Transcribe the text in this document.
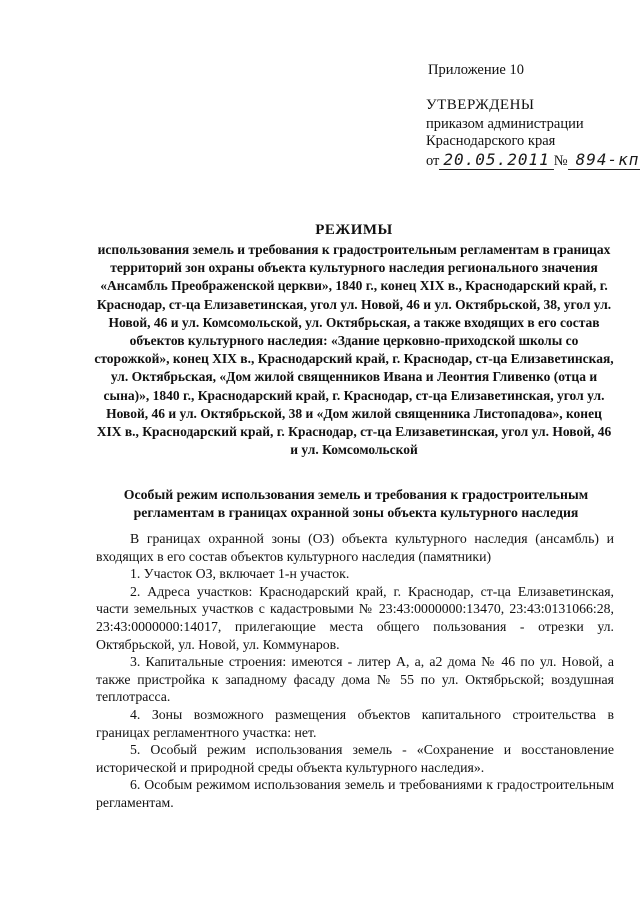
Приложение 10
УТВЕРЖДЕНЫ
приказом администрации
Краснодарского края
от 20.05.2011 № 894-кп
РЕЖИМЫ
использования земель и требования к градостроительным регламентам в границах территорий зон охраны объекта культурного наследия регионального значения «Ансамбль Преображенской церкви», 1840 г., конец XIX в., Краснодарский край, г. Краснодар, ст-ца Елизаветинская, угол ул. Новой, 46 и ул. Октябрьской, 38, угол ул. Новой, 46 и ул. Комсомольской, ул. Октябрьская, а также входящих в его состав объектов культурного наследия: «Здание церковно-приходской школы со сторожкой», конец XIX в., Краснодарский край, г. Краснодар, ст-ца Елизаветинская, ул. Октябрьская, «Дом жилой священников Ивана и Леонтия Гливенко (отца и сына)», 1840 г., Краснодарский край, г. Краснодар, ст-ца Елизаветинская, угол ул. Новой, 46 и ул. Октябрьской, 38 и «Дом жилой священника Листопадова», конец XIX в., Краснодарский край, г. Краснодар, ст-ца Елизаветинская, угол ул. Новой, 46 и ул. Комсомольской
Особый режим использования земель и требования к градостроительным регламентам в границах охранной зоны объекта культурного наследия

В границах охранной зоны (ОЗ) объекта культурного наследия (ансамбль) и входящих в его состав объектов культурного наследия (памятники)

1. Участок ОЗ, включает 1-н участок.

2. Адреса участков: Краснодарский край, г. Краснодар, ст-ца Елизаветинская, части земельных участков с кадастровыми № 23:43:0000000:13470, 23:43:0131066:28, 23:43:0000000:14017, прилегающие места общего пользования - отрезки ул. Октябрьской, ул. Новой, ул. Коммунаров.

3. Капитальные строения: имеются - литер А, а, а2 дома № 46 по ул. Новой, а также пристройка к западному фасаду дома № 55 по ул. Октябрьской; воздушная теплотрасса.

4. Зоны возможного размещения объектов капитального строительства в границах регламентного участка: нет.

5. Особый режим использования земель - «Сохранение и восстановление исторической и природной среды объекта культурного наследия».

6. Особым режимом использования земель и требованиями к градостроительным регламентам.
